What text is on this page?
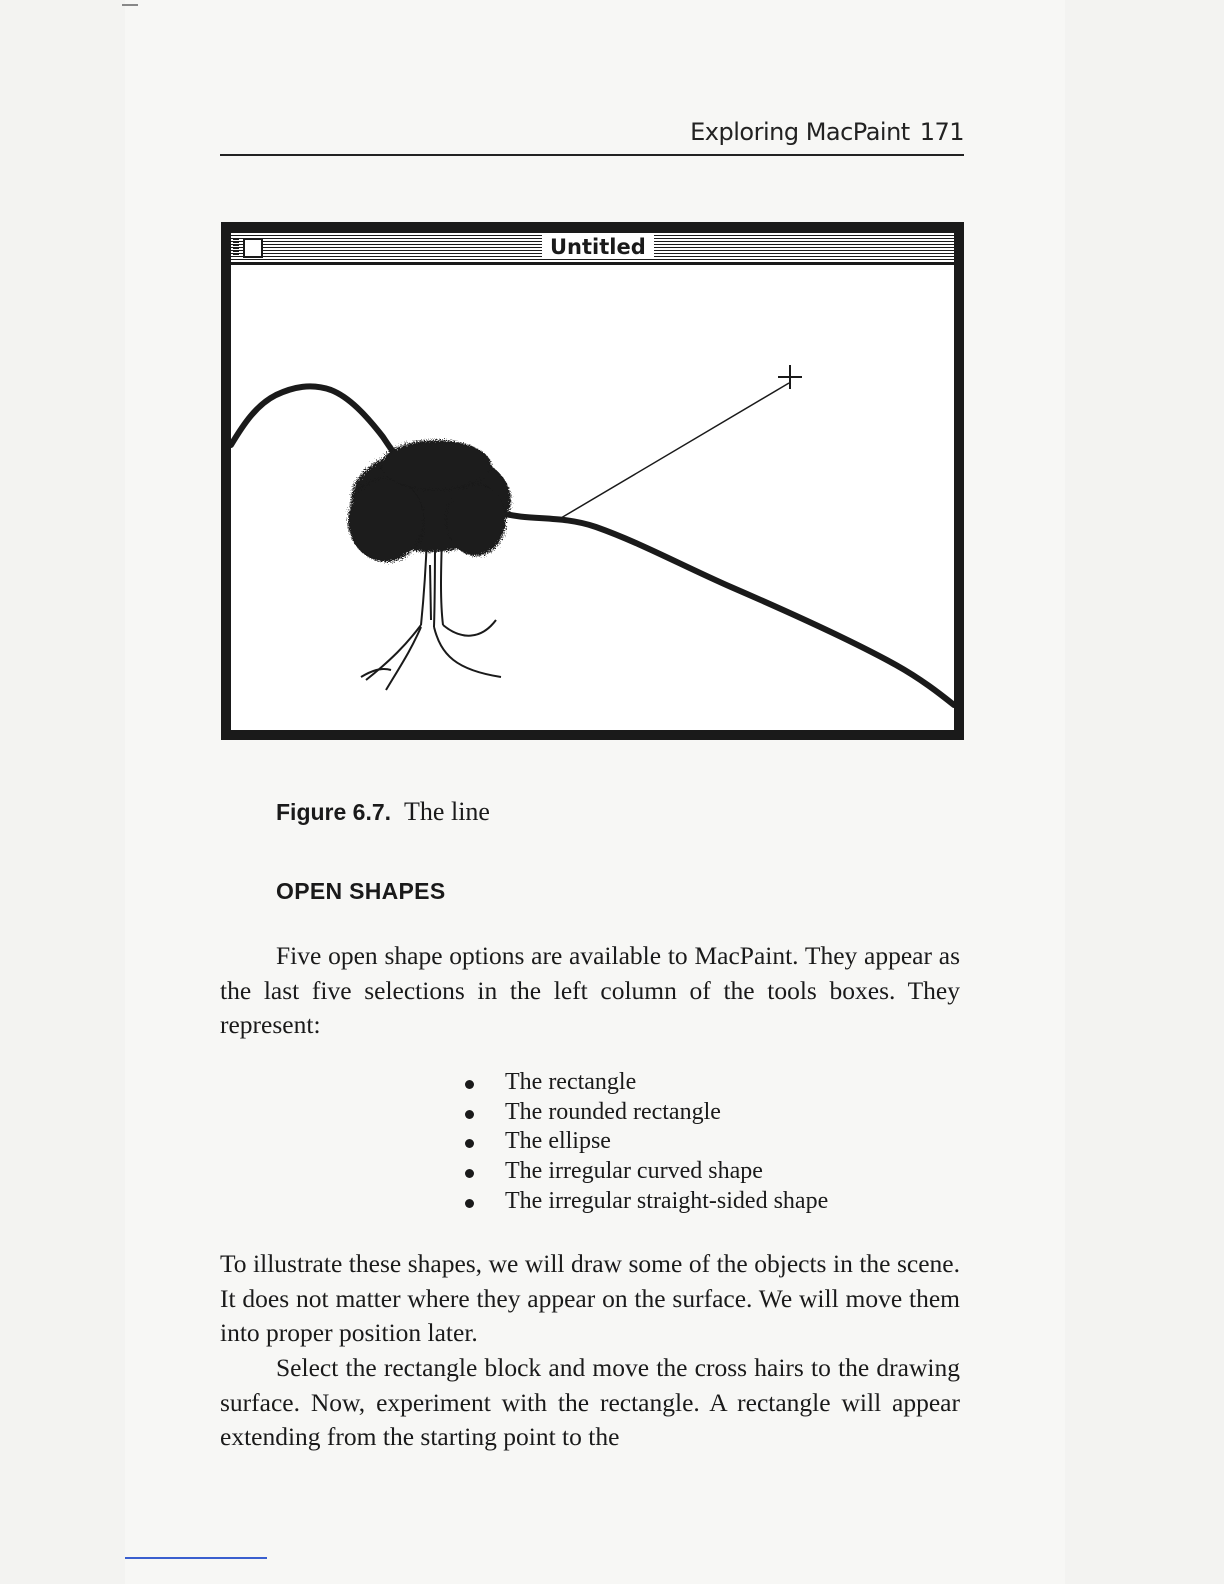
Exploring MacPaint 171
Untitled
Figure 6.7. The line
OPEN SHAPES

Five open shape options are available to MacPaint. They appear as the last five selections in the left column of the tools boxes. They represent:

The rectangle
The rounded rectangle
The ellipse
The irregular curved shape
The irregular straight-sided shape

To illustrate these shapes, we will draw some of the objects in the scene. It does not matter where they appear on the surface. We will move them into proper position later.

Select the rectangle block and move the cross hairs to the drawing surface. Now, experiment with the rectangle. A rectangle will appear extending from the starting point to the
